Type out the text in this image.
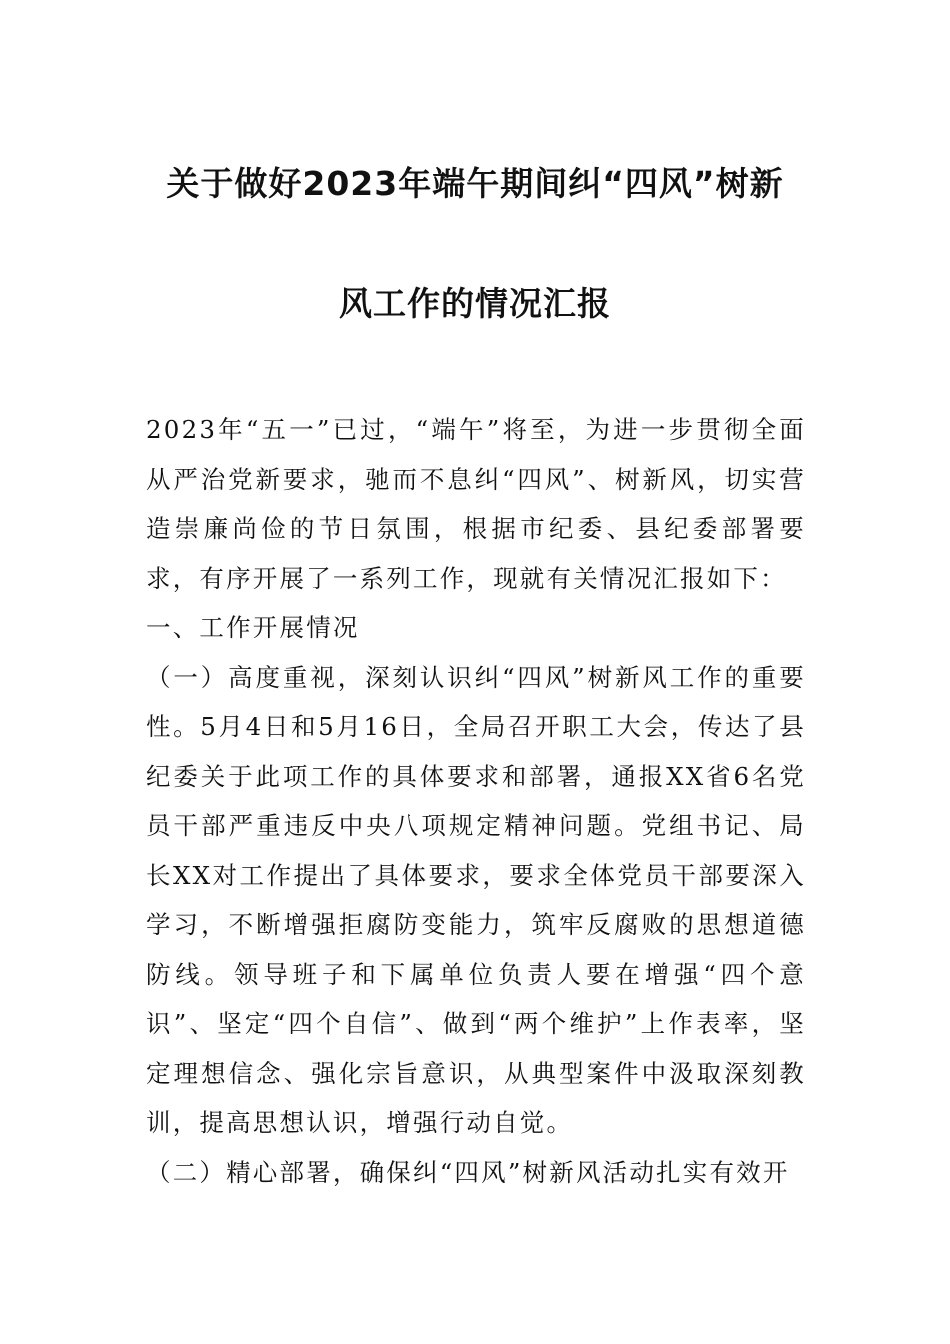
关于做好2023年端午期间纠“四风”树新
风工作的情况汇报

2023年“五一”已过，“端午”将至，为进一步贯彻全面从严治党新要求，驰而不息纠“四风”、树新风，切实营造崇廉尚俭的节日氛围，根据市纪委、县纪委部署要求，有序开展了一系列工作，现就有关情况汇报如下：

一、工作开展情况

（一）高度重视，深刻认识纠“四风”树新风工作的重要性。5月4日和5月16日，全局召开职工大会，传达了县纪委关于此项工作的具体要求和部署，通报XX省6名党员干部严重违反中央八项规定精神问题。党组书记、局长XX对工作提出了具体要求，要求全体党员干部要深入学习，不断增强拒腐防变能力，筑牢反腐败的思想道德防线。领导班子和下属单位负责人要在增强“四个意识”、坚定“四个自信”、做到“两个维护”上作表率，坚定理想信念、强化宗旨意识，从典型案件中汲取深刻教训，提高思想认识，增强行动自觉。

（二）精心部署，确保纠“四风”树新风活动扎实有效开
